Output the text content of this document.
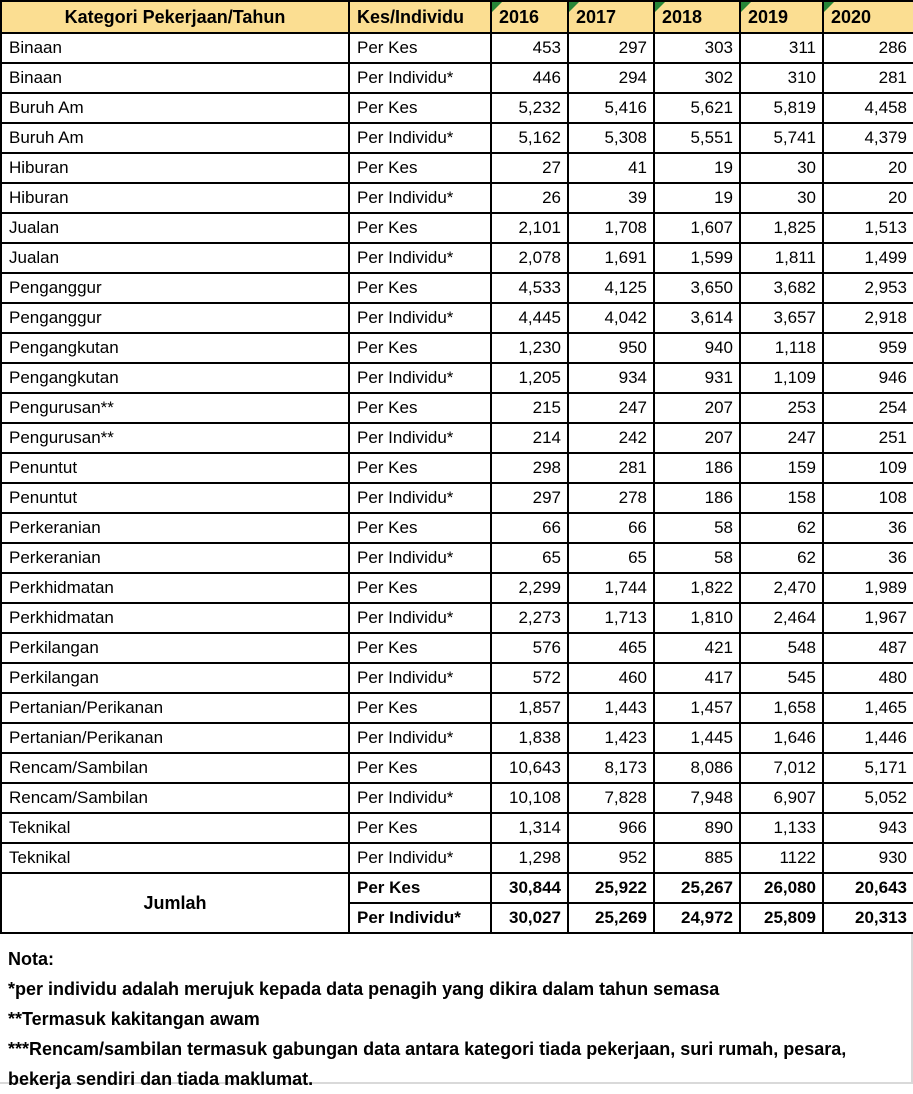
Kategori Pekerjaan/Tahun	Kes/Individu	2016	2017	2018	2019	2020
Binaan	Per Kes	453	297	303	311	286
Binaan	Per Individu*	446	294	302	310	281
Buruh Am	Per Kes	5,232	5,416	5,621	5,819	4,458
Buruh Am	Per Individu*	5,162	5,308	5,551	5,741	4,379
Hiburan	Per Kes	27	41	19	30	20
Hiburan	Per Individu*	26	39	19	30	20
Jualan	Per Kes	2,101	1,708	1,607	1,825	1,513
Jualan	Per Individu*	2,078	1,691	1,599	1,811	1,499
Penganggur	Per Kes	4,533	4,125	3,650	3,682	2,953
Penganggur	Per Individu*	4,445	4,042	3,614	3,657	2,918
Pengangkutan	Per Kes	1,230	950	940	1,118	959
Pengangkutan	Per Individu*	1,205	934	931	1,109	946
Pengurusan**	Per Kes	215	247	207	253	254
Pengurusan**	Per Individu*	214	242	207	247	251
Penuntut	Per Kes	298	281	186	159	109
Penuntut	Per Individu*	297	278	186	158	108
Perkeranian	Per Kes	66	66	58	62	36
Perkeranian	Per Individu*	65	65	58	62	36
Perkhidmatan	Per Kes	2,299	1,744	1,822	2,470	1,989
Perkhidmatan	Per Individu*	2,273	1,713	1,810	2,464	1,967
Perkilangan	Per Kes	576	465	421	548	487
Perkilangan	Per Individu*	572	460	417	545	480
Pertanian/Perikanan	Per Kes	1,857	1,443	1,457	1,658	1,465
Pertanian/Perikanan	Per Individu*	1,838	1,423	1,445	1,646	1,446
Rencam/Sambilan	Per Kes	10,643	8,173	8,086	7,012	5,171
Rencam/Sambilan	Per Individu*	10,108	7,828	7,948	6,907	5,052
Teknikal	Per Kes	1,314	966	890	1,133	943
Teknikal	Per Individu*	1,298	952	885	1122	930
Jumlah	Per Kes	30,844	25,922	25,267	26,080	20,643
	Per Individu*	30,027	25,269	24,972	25,809	20,313
Nota:
*per individu adalah merujuk kepada data penagih yang dikira dalam tahun semasa
**Termasuk kakitangan awam
***Rencam/sambilan termasuk gabungan data antara kategori tiada pekerjaan, suri rumah, pesara, bekerja sendiri dan tiada maklumat.
